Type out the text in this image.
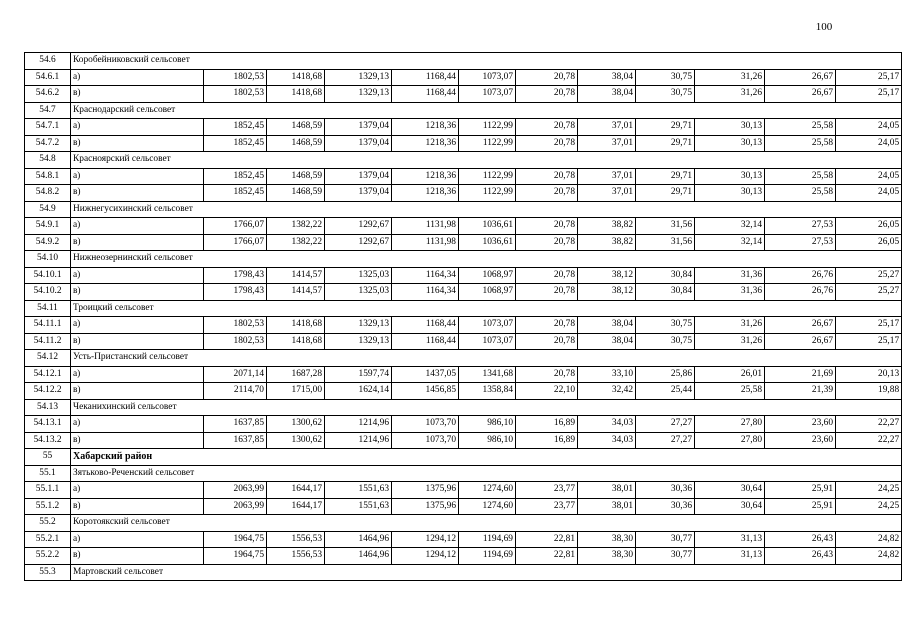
100
54.6	Коробейниковский сельсовет											
54.6.1	а)	1802,53	1418,68	1329,13	1168,44	1073,07	20,78	38,04	30,75	31,26	26,67	25,17
54.6.2	в)	1802,53	1418,68	1329,13	1168,44	1073,07	20,78	38,04	30,75	31,26	26,67	25,17
54.7	Краснодарский сельсовет											
54.7.1	а)	1852,45	1468,59	1379,04	1218,36	1122,99	20,78	37,01	29,71	30,13	25,58	24,05
54.7.2	в)	1852,45	1468,59	1379,04	1218,36	1122,99	20,78	37,01	29,71	30,13	25,58	24,05
54.8	Красноярский сельсовет											
54.8.1	а)	1852,45	1468,59	1379,04	1218,36	1122,99	20,78	37,01	29,71	30,13	25,58	24,05
54.8.2	в)	1852,45	1468,59	1379,04	1218,36	1122,99	20,78	37,01	29,71	30,13	25,58	24,05
54.9	Нижнегусихинский сельсовет											
54.9.1	а)	1766,07	1382,22	1292,67	1131,98	1036,61	20,78	38,82	31,56	32,14	27,53	26,05
54.9.2	в)	1766,07	1382,22	1292,67	1131,98	1036,61	20,78	38,82	31,56	32,14	27,53	26,05
54.10	Нижнеозернинский сельсовет											
54.10.1	а)	1798,43	1414,57	1325,03	1164,34	1068,97	20,78	38,12	30,84	31,36	26,76	25,27
54.10.2	в)	1798,43	1414,57	1325,03	1164,34	1068,97	20,78	38,12	30,84	31,36	26,76	25,27
54.11	Троицкий сельсовет											
54.11.1	а)	1802,53	1418,68	1329,13	1168,44	1073,07	20,78	38,04	30,75	31,26	26,67	25,17
54.11.2	в)	1802,53	1418,68	1329,13	1168,44	1073,07	20,78	38,04	30,75	31,26	26,67	25,17
54.12	Усть-Пристанский сельсовет											
54.12.1	а)	2071,14	1687,28	1597,74	1437,05	1341,68	20,78	33,10	25,86	26,01	21,69	20,13
54.12.2	в)	2114,70	1715,00	1624,14	1456,85	1358,84	22,10	32,42	25,44	25,58	21,39	19,88
54.13	Чеканихинский сельсовет											
54.13.1	а)	1637,85	1300,62	1214,96	1073,70	986,10	16,89	34,03	27,27	27,80	23,60	22,27
54.13.2	в)	1637,85	1300,62	1214,96	1073,70	986,10	16,89	34,03	27,27	27,80	23,60	22,27
55	Хабарский район											
55.1	Зятьково-Реченский сельсовет											
55.1.1	а)	2063,99	1644,17	1551,63	1375,96	1274,60	23,77	38,01	30,36	30,64	25,91	24,25
55.1.2	в)	2063,99	1644,17	1551,63	1375,96	1274,60	23,77	38,01	30,36	30,64	25,91	24,25
55.2	Коротоякский сельсовет											
55.2.1	а)	1964,75	1556,53	1464,96	1294,12	1194,69	22,81	38,30	30,77	31,13	26,43	24,82
55.2.2	в)	1964,75	1556,53	1464,96	1294,12	1194,69	22,81	38,30	30,77	31,13	26,43	24,82
55.3	Мартовский сельсовет											
